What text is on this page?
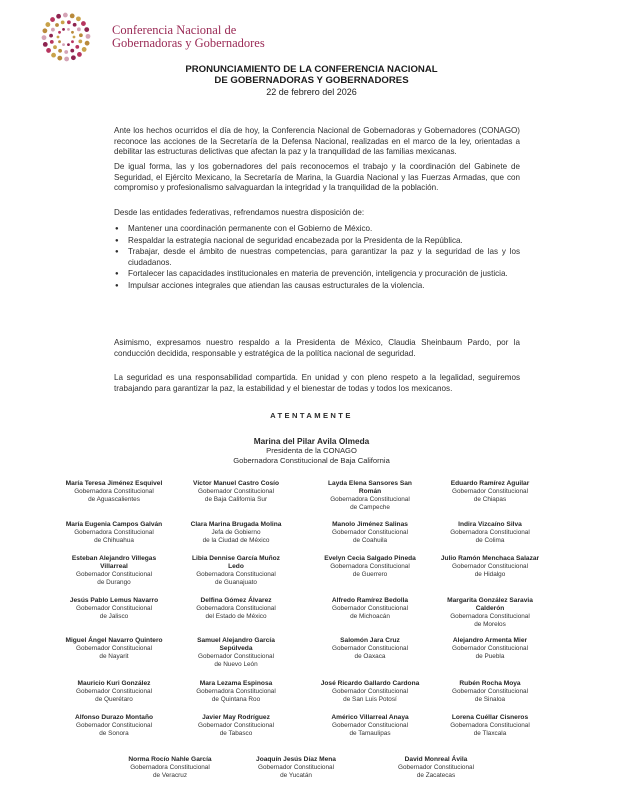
Conferencia Nacional de
Gobernadoras y Gobernadores
PRONUNCIAMIENTO DE LA CONFERENCIA NACIONAL
DE GOBERNADORAS Y GOBERNADORES
22 de febrero del 2026
Ante los hechos ocurridos el día de hoy, la Conferencia Nacional de Gobernadoras y Gobernadores (CONAGO) reconoce las acciones de la Secretaría de la Defensa Nacional, realizadas en el marco de la ley, orientadas a debilitar las estructuras delictivas que afectan la paz y la tranquilidad de las familias mexicanas.
De igual forma, las y los gobernadores del país reconocemos el trabajo y la coordinación del Gabinete de Seguridad, el Ejército Mexicano, la Secretaría de Marina, la Guardia Nacional y las Fuerzas Armadas, que con compromiso y profesionalismo salvaguardan la integridad y la tranquilidad de la población.
Desde las entidades federativas, refrendamos nuestra disposición de:
● Mantener una coordinación permanente con el Gobierno de México.
● Respaldar la estrategia nacional de seguridad encabezada por la Presidenta de la República.
● Trabajar, desde el ámbito de nuestras competencias, para garantizar la paz y la seguridad de las y los ciudadanos.
● Fortalecer las capacidades institucionales en materia de prevención, inteligencia y procuración de justicia.
● Impulsar acciones integrales que atiendan las causas estructurales de la violencia.
Asimismo, expresamos nuestro respaldo a la Presidenta de México, Claudia Sheinbaum Pardo, por la conducción decidida, responsable y estratégica de la política nacional de seguridad.
La seguridad es una responsabilidad compartida. En unidad y con pleno respeto a la legalidad, seguiremos trabajando para garantizar la paz, la estabilidad y el bienestar de todas y todos los mexicanos.
ATENTAMENTE
Marina del Pilar Avila Olmeda
Presidenta de la CONAGO
Gobernadora Constitucional de Baja California
María Teresa Jiménez Esquivel
Gobernadora Constitucional
de Aguascalientes
Víctor Manuel Castro Cosío
Gobernador Constitucional
de Baja California Sur
Layda Elena Sansores San Román
Gobernadora Constitucional
de Campeche
Eduardo Ramírez Aguilar
Gobernador Constitucional
de Chiapas
María Eugenia Campos Galván
Gobernadora Constitucional
de Chihuahua
Clara Marina Brugada Molina
Jefa de Gobierno
de la Ciudad de México
Manolo Jiménez Salinas
Gobernador Constitucional
de Coahuila
Indira Vizcaíno Silva
Gobernadora Constitucional
de Colima
Esteban Alejandro Villegas Villarreal
Gobernador Constitucional
de Durango
Libia Dennise García Muñoz Ledo
Gobernadora Constitucional
de Guanajuato
Evelyn Cecia Salgado Pineda
Gobernadora Constitucional
de Guerrero
Julio Ramón Menchaca Salazar
Gobernador Constitucional
de Hidalgo
Jesús Pablo Lemus Navarro
Gobernador Constitucional
de Jalisco
Delfina Gómez Álvarez
Gobernadora Constitucional
del Estado de México
Alfredo Ramírez Bedolla
Gobernador Constitucional
de Michoacán
Margarita González Saravia Calderón
Gobernadora Constitucional
de Morelos
Miguel Ángel Navarro Quintero
Gobernador Constitucional
de Nayarit
Samuel Alejandro García Sepúlveda
Gobernador Constitucional
de Nuevo León
Salomón Jara Cruz
Gobernador Constitucional
de Oaxaca
Alejandro Armenta Mier
Gobernador Constitucional
de Puebla
Mauricio Kuri González
Gobernador Constitucional
de Querétaro
Mara Lezama Espinosa
Gobernadora Constitucional
de Quintana Roo
José Ricardo Gallardo Cardona
Gobernador Constitucional
de San Luis Potosí
Rubén Rocha Moya
Gobernador Constitucional
de Sinaloa
Alfonso Durazo Montaño
Gobernador Constitucional
de Sonora
Javier May Rodríguez
Gobernador Constitucional
de Tabasco
Américo Villarreal Anaya
Gobernador Constitucional
de Tamaulipas
Lorena Cuéllar Cisneros
Gobernadora Constitucional
de Tlaxcala
Norma Rocío Nahle García
Gobernadora Constitucional
de Veracruz
Joaquín Jesús Díaz Mena
Gobernador Constitucional
de Yucatán
David Monreal Ávila
Gobernador Constitucional
de Zacatecas
